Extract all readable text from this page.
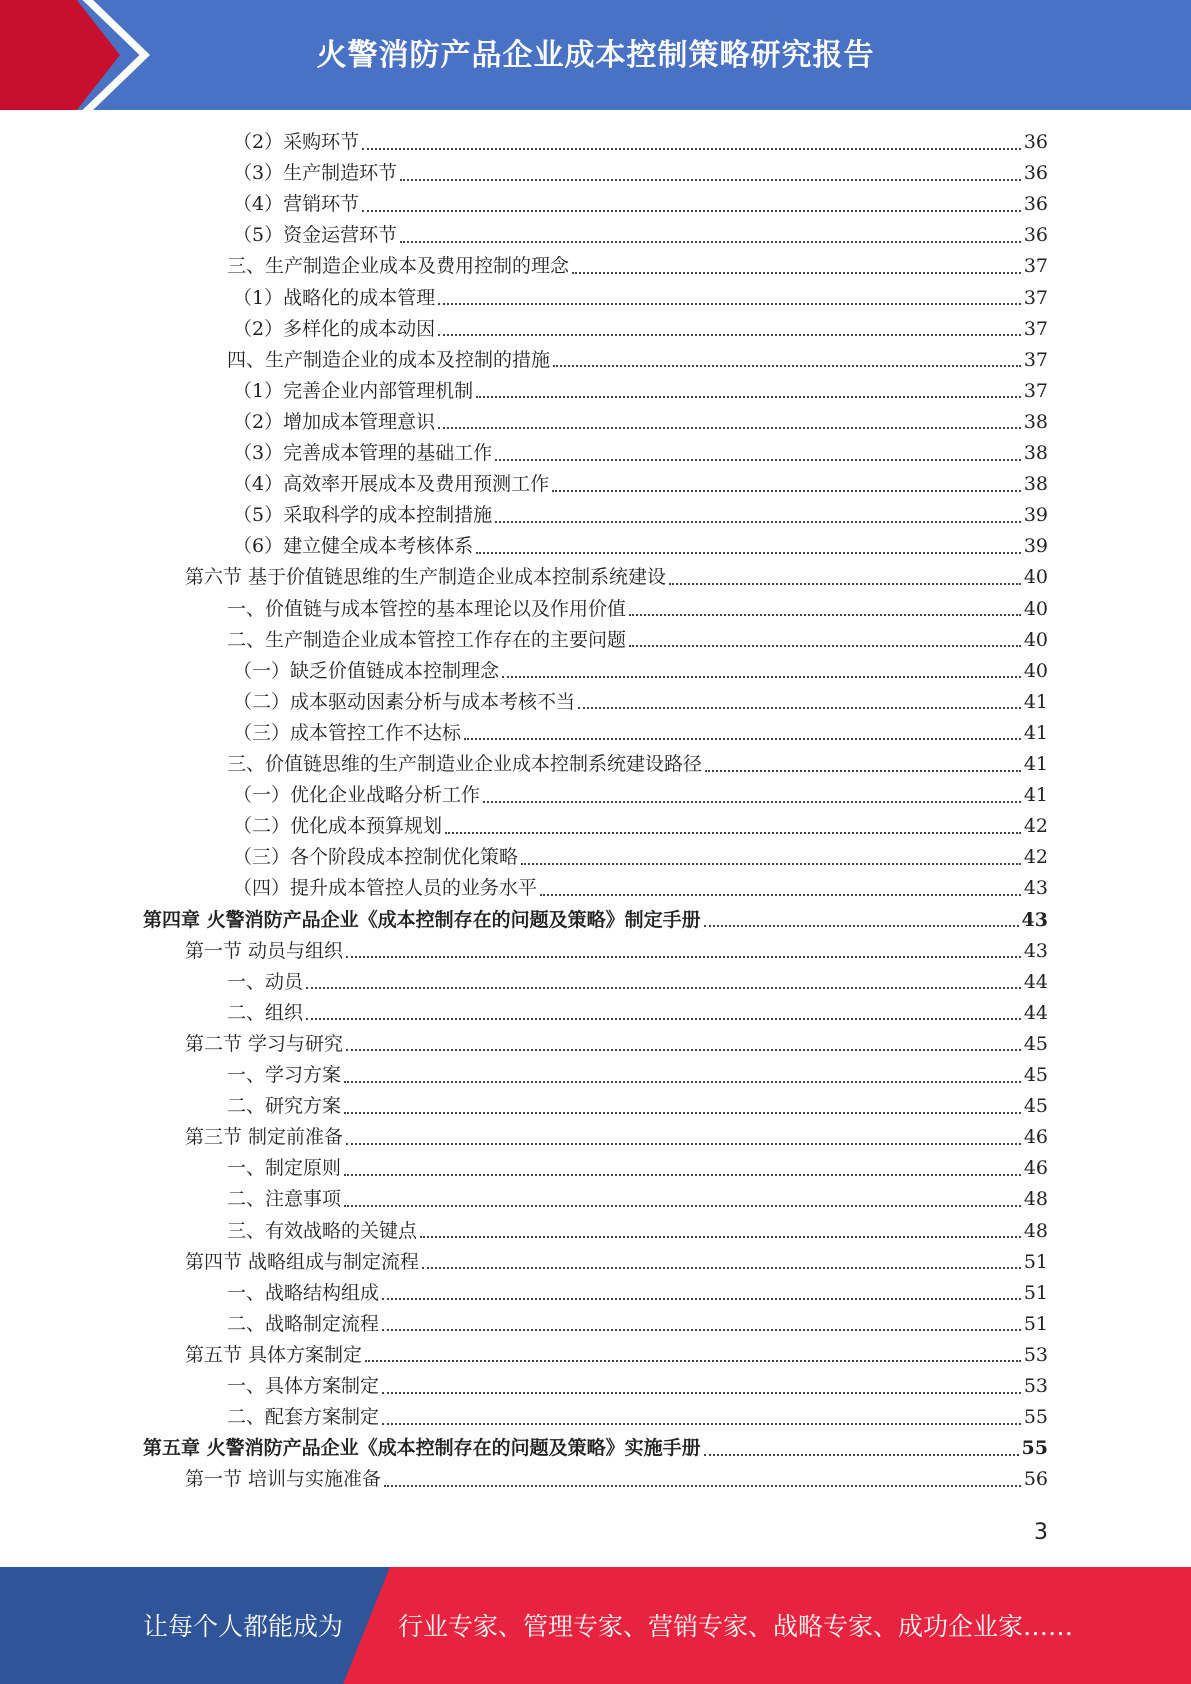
火警消防产品企业成本控制策略研究报告
（2）采购环节	36
（3）生产制造环节	36
（4）营销环节	36
（5）资金运营环节	36
三、生产制造企业成本及费用控制的理念	37
（1）战略化的成本管理	37
（2）多样化的成本动因	37
四、生产制造企业的成本及控制的措施	37
（1）完善企业内部管理机制	37
（2）增加成本管理意识	38
（3）完善成本管理的基础工作	38
（4）高效率开展成本及费用预测工作	38
（5）采取科学的成本控制措施	39
（6）建立健全成本考核体系	39
第六节 基于价值链思维的生产制造企业成本控制系统建设	40
一、价值链与成本管控的基本理论以及作用价值	40
二、生产制造企业成本管控工作存在的主要问题	40
（一）缺乏价值链成本控制理念	40
（二）成本驱动因素分析与成本考核不当	41
（三）成本管控工作不达标	41
三、价值链思维的生产制造业企业成本控制系统建设路径	41
（一）优化企业战略分析工作	41
（二）优化成本预算规划	42
（三）各个阶段成本控制优化策略	42
（四）提升成本管控人员的业务水平	43
第四章 火警消防产品企业《成本控制存在的问题及策略》制定手册	43
第一节 动员与组织	43
一、动员	44
二、组织	44
第二节 学习与研究	45
一、学习方案	45
二、研究方案	45
第三节 制定前准备	46
一、制定原则	46
二、注意事项	48
三、有效战略的关键点	48
第四节 战略组成与制定流程	51
一、战略结构组成	51
二、战略制定流程	51
第五节 具体方案制定	53
一、具体方案制定	53
二、配套方案制定	55
第五章 火警消防产品企业《成本控制存在的问题及策略》实施手册	55
第一节 培训与实施准备	56
3
让每个人都能成为 行业专家、管理专家、营销专家、战略专家、成功企业家……
